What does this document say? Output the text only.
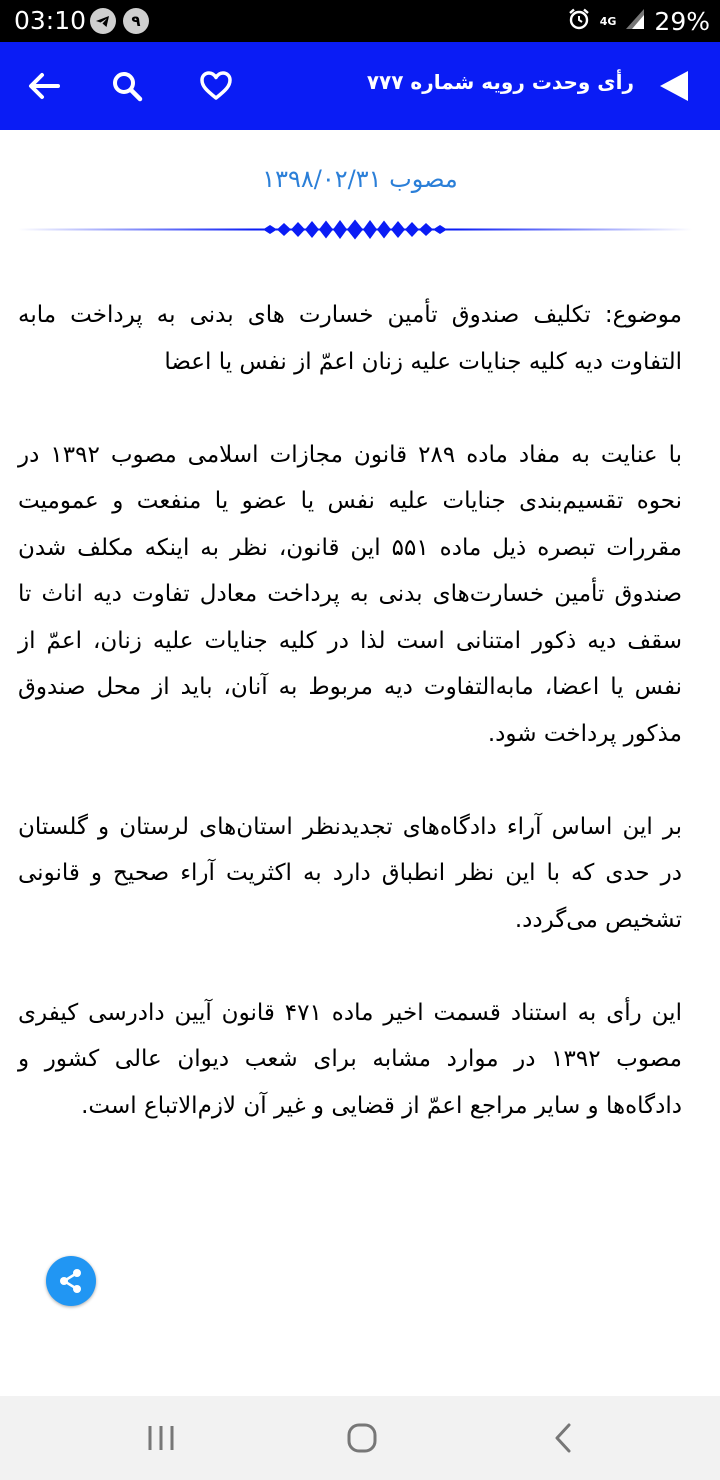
03:10	۹	4G 29%
رأی وحدت رویه شماره ۷۷۷
مصوب ۱۳۹۸/۰۲/۳۱

موضوع: تکلیف صندوق تأمین خسارت های بدنی به پرداخت مابه التفاوت دیه کلیه جنایات علیه زنان اعمّ از نفس یا اعضا

با عنایت به مفاد ماده ۲۸۹ قانون مجازات اسلامی مصوب ۱۳۹۲ در نحوه تقسیم‌بندی جنایات علیه نفس یا عضو یا منفعت و عمومیت مقررات تبصره ذیل ماده ۵۵۱ این قانون، نظر به اینکه مکلف شدن صندوق تأمین خسارت‌های بدنی به پرداخت معادل تفاوت دیه اناث تا سقف دیه ذکور امتنانی است لذا در کلیه جنایات علیه زنان، اعمّ از نفس یا اعضا، مابه‌التفاوت دیه مربوط به آنان، باید از محل صندوق مذکور پرداخت شود.

بر این اساس آراء دادگاه‌های تجدیدنظر استان‌های لرستان و گلستان در حدی که با این نظر انطباق دارد به اکثریت آراء صحیح و قانونی تشخیص می‌گردد.

این رأی به استناد قسمت اخیر ماده ۴۷۱ قانون آیین دادرسی کیفری مصوب ۱۳۹۲ در موارد مشابه برای شعب دیوان عالی کشور و دادگاه‌ها و سایر مراجع اعمّ از قضایی و غیر آن لازم‌الاتباع است.
